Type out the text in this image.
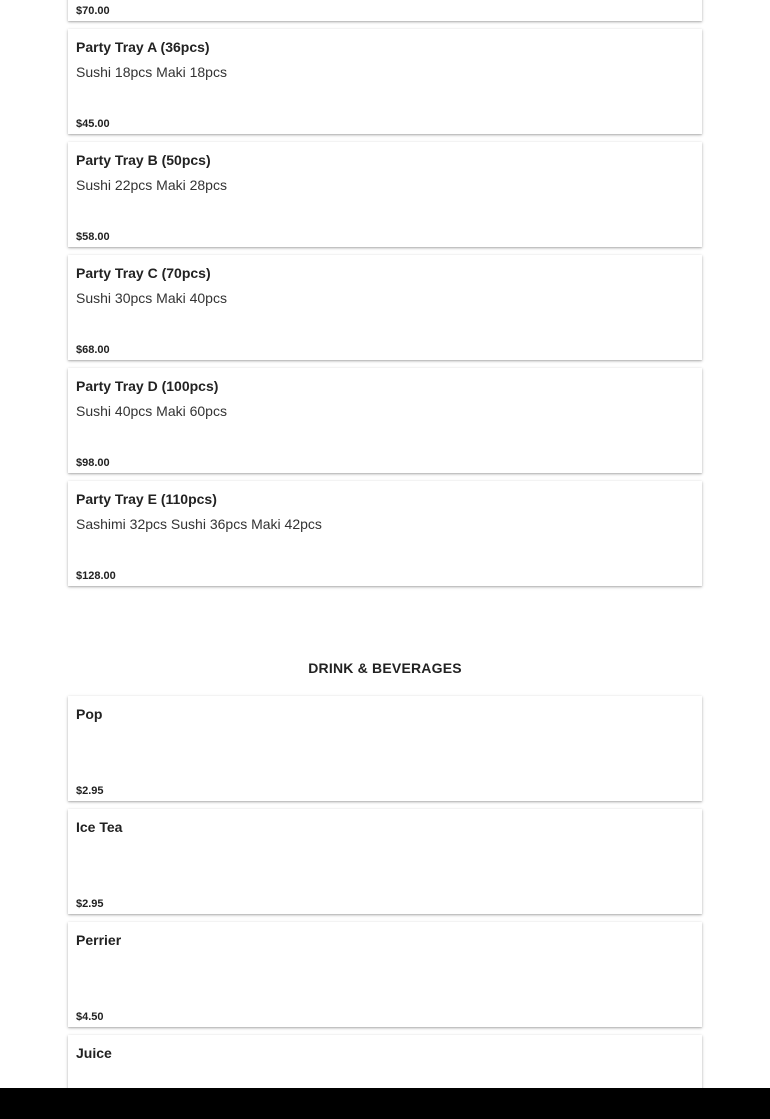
$70.00
Party Tray A (36pcs)
Sushi 18pcs Maki 18pcs
$45.00
Party Tray B (50pcs)
Sushi 22pcs Maki 28pcs
$58.00
Party Tray C (70pcs)
Sushi 30pcs Maki 40pcs
$68.00
Party Tray D (100pcs)
Sushi 40pcs Maki 60pcs
$98.00
Party Tray E (110pcs)
Sashimi 32pcs Sushi 36pcs Maki 42pcs
$128.00
DRINK & BEVERAGES
Pop
$2.95
Ice Tea
$2.95
Perrier
$4.50
Juice
